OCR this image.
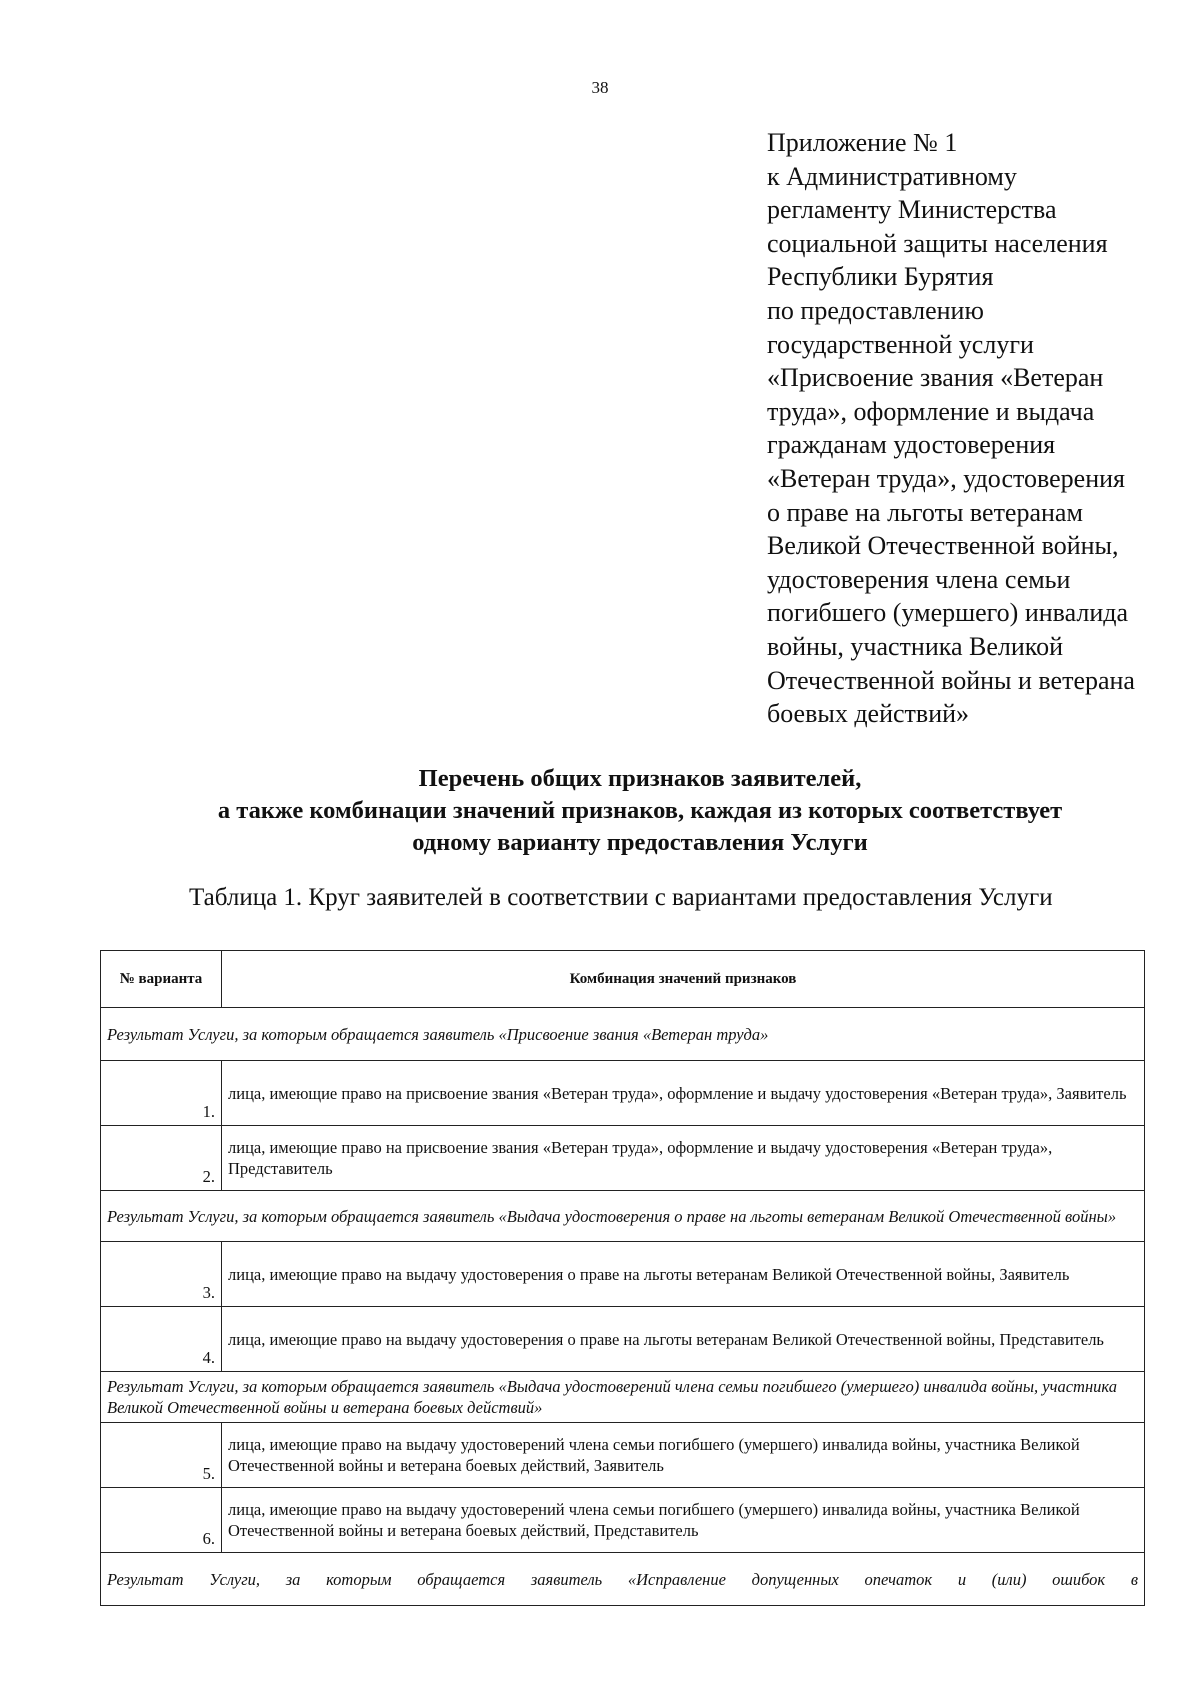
38
Приложение № 1
к Административному
регламенту Министерства
социальной защиты населения
Республики Бурятия
по предоставлению
государственной услуги
«Присвоение звания «Ветеран
труда», оформление и выдача
гражданам удостоверения
«Ветеран труда», удостоверения
о праве на льготы ветеранам
Великой Отечественной войны,
удостоверения члена семьи
погибшего (умершего) инвалида
войны, участника Великой
Отечественной войны и ветерана
боевых действий»
Перечень общих признаков заявителей,
а также комбинации значений признаков, каждая из которых соответствует
одному варианту предоставления Услуги
Таблица 1. Круг заявителей в соответствии с вариантами предоставления Услуги
№ варианта	Комбинация значений признаков
Результат Услуги, за которым обращается заявитель «Присвоение звания «Ветеран труда»	
1.	лица, имеющие право на присвоение звания «Ветеран труда», оформление и выдачу удостоверения «Ветеран труда», Заявитель
2.	лица, имеющие право на присвоение звания «Ветеран труда», оформление и выдачу удостоверения «Ветеран труда», Представитель
Результат Услуги, за которым обращается заявитель «Выдача удостоверения о праве на льготы ветеранам Великой Отечественной войны»	
3.	лица, имеющие право на выдачу удостоверения о праве на льготы ветеранам Великой Отечественной войны, Заявитель
4.	лица, имеющие право на выдачу удостоверения о праве на льготы ветеранам Великой Отечественной войны, Представитель
Результат Услуги, за которым обращается заявитель «Выдача удостоверений члена семьи погибшего (умершего) инвалида войны, участника Великой Отечественной войны и ветерана боевых действий»	
5.	лица, имеющие право на выдачу удостоверений члена семьи погибшего (умершего) инвалида войны, участника Великой Отечественной войны и ветерана боевых действий, Заявитель
6.	лица, имеющие право на выдачу удостоверений члена семьи погибшего (умершего) инвалида войны, участника Великой Отечественной войны и ветерана боевых действий, Представитель
Результат Услуги, за которым обращается заявитель «Исправление допущенных опечаток и (или) ошибок в	
